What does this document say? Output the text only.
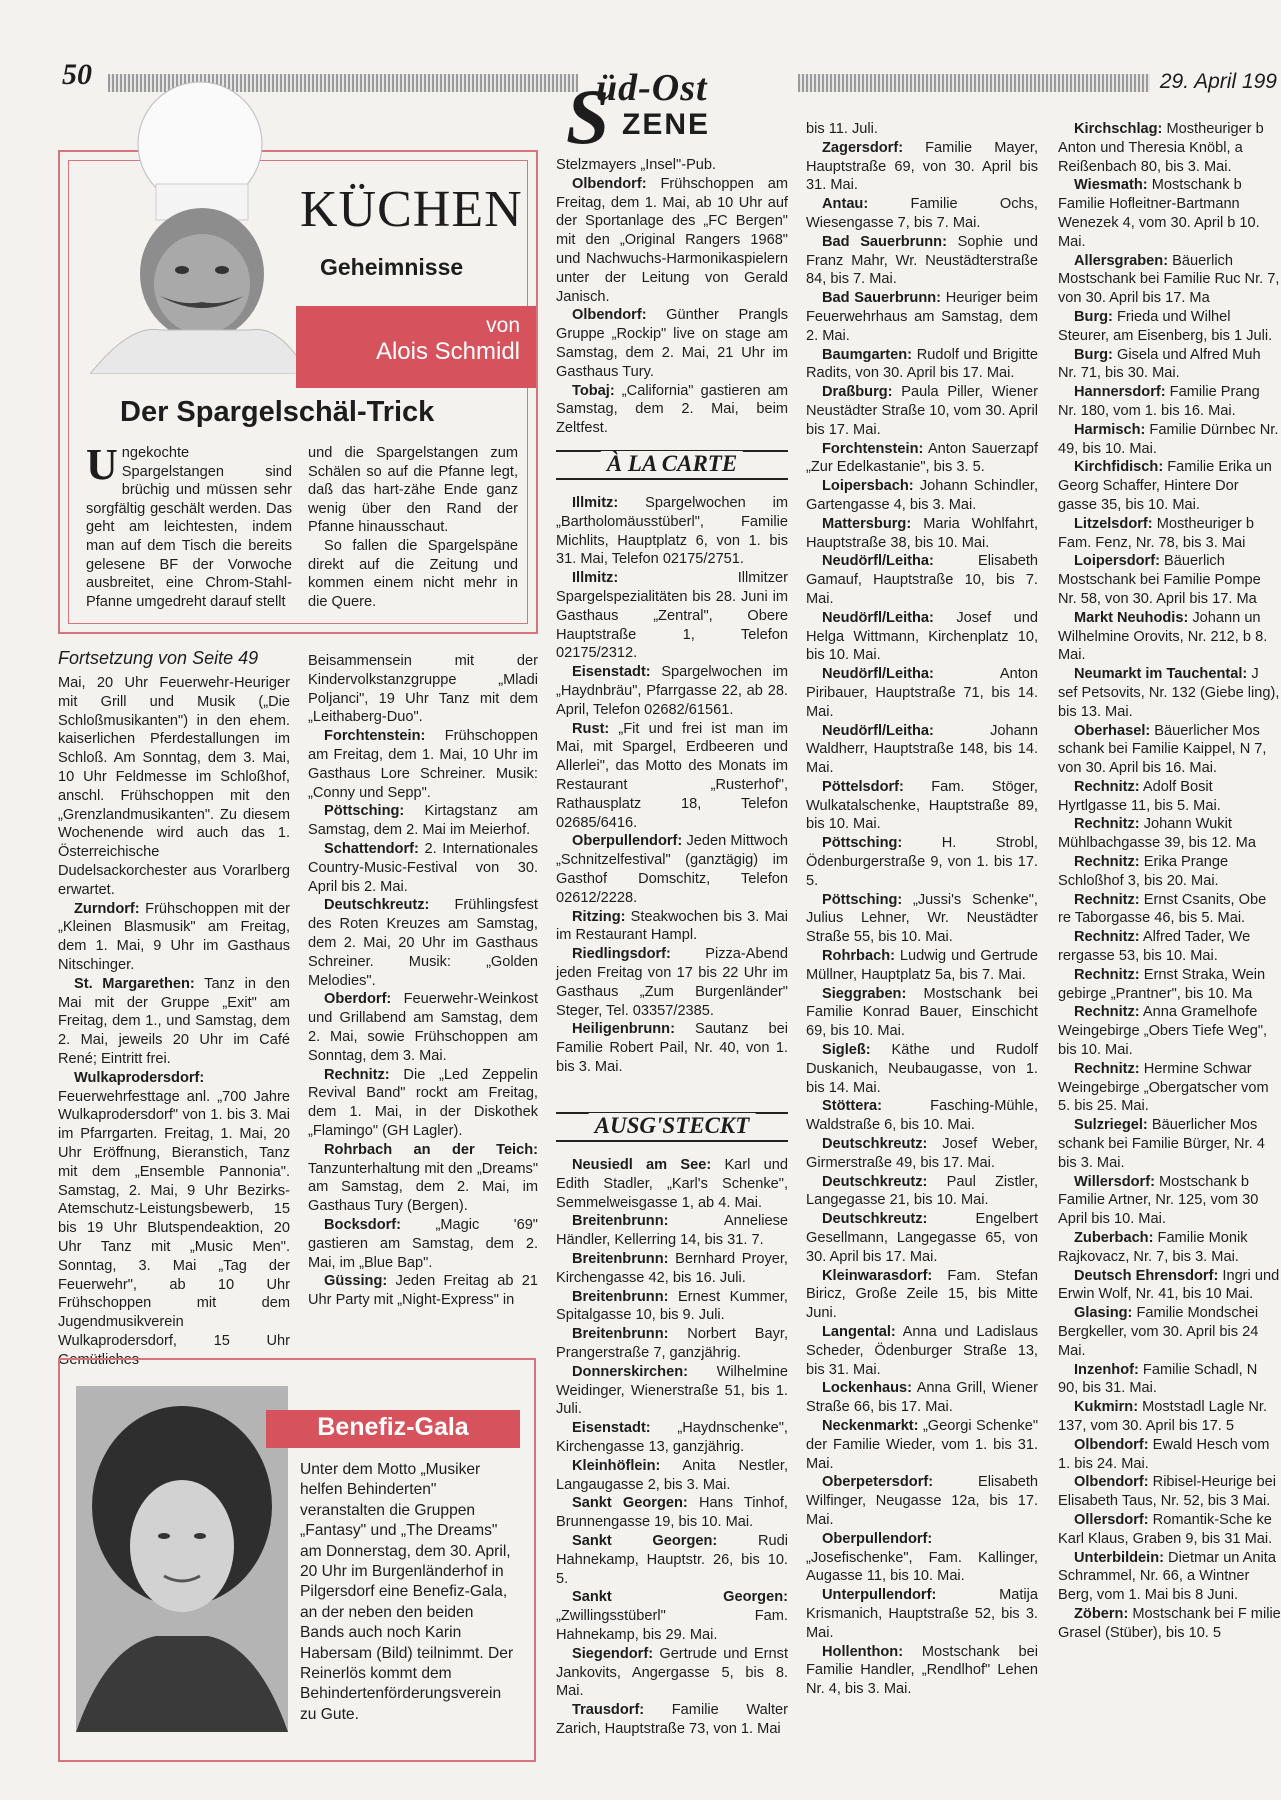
50	29. April 199
S
üd-Ost
ZENE
KÜCHEN
Geheimnisse
von
Alois Schmidl
Der Spargelschäl-Trick
Ungekochte Spargelstangen sind brüchig und müssen sehr sorgfältig geschält werden. Das geht am leichtesten, indem man auf dem Tisch die bereits gelesene BF der Vorwoche ausbreitet, eine Chrom-Stahl-Pfanne umgedreht darauf stellt

und die Spargelstangen zum Schälen so auf die Pfanne legt, daß das hart-zähe Ende ganz wenig über den Rand der Pfanne hinausschaut.

So fallen die Spargelspäne direkt auf die Zeitung und kommen einem nicht mehr in die Quere.

Fortsetzung von Seite 49

Mai, 20 Uhr Feuerwehr-Heuriger mit Grill und Musik („Die Schloßmusikanten") in den ehem. kaiserlichen Pferdestallungen im Schloß. Am Sonntag, dem 3. Mai, 10 Uhr Feldmesse im Schloßhof, anschl. Frühschoppen mit den „Grenzlandmusikanten". Zu diesem Wochenende wird auch das 1. Österreichische Dudelsackorchester aus Vorarlberg erwartet.

Zurndorf: Frühschoppen mit der „Kleinen Blasmusik" am Freitag, dem 1. Mai, 9 Uhr im Gasthaus Nitschinger.

St. Margarethen: Tanz in den Mai mit der Gruppe „Exit" am Freitag, dem 1., und Samstag, dem 2. Mai, jeweils 20 Uhr im Café René; Eintritt frei.

Wulkaprodersdorf: Feuerwehrfesttage anl. „700 Jahre Wulkaprodersdorf" von 1. bis 3. Mai im Pfarrgarten. Freitag, 1. Mai, 20 Uhr Eröffnung, Bieranstich, Tanz mit dem „Ensemble Pannonia". Samstag, 2. Mai, 9 Uhr Bezirks-Atemschutz-Leistungsbewerb, 15 bis 19 Uhr Blutspendeaktion, 20 Uhr Tanz mit „Music Men". Sonntag, 3. Mai „Tag der Feuerwehr", ab 10 Uhr Frühschoppen mit dem Jugendmusikverein Wulkaprodersdorf, 15 Uhr Gemütliches

Beisammensein mit der Kindervolkstanzgruppe „Mladi Poljanci", 19 Uhr Tanz mit dem „Leithaberg-Duo".

Forchtenstein: Frühschoppen am Freitag, dem 1. Mai, 10 Uhr im Gasthaus Lore Schreiner. Musik: „Conny und Sepp".

Pöttsching: Kirtagstanz am Samstag, dem 2. Mai im Meierhof.

Schattendorf: 2. Internationales Country-Music-Festival von 30. April bis 2. Mai.

Deutschkreutz: Frühlingsfest des Roten Kreuzes am Samstag, dem 2. Mai, 20 Uhr im Gasthaus Schreiner. Musik: „Golden Melodies".

Oberdorf: Feuerwehr-Weinkost und Grillabend am Samstag, dem 2. Mai, sowie Frühschoppen am Sonntag, dem 3. Mai.

Rechnitz: Die „Led Zeppelin Revival Band" rockt am Freitag, dem 1. Mai, in der Diskothek „Flamingo" (GH Lagler).

Rohrbach an der Teich: Tanzunterhaltung mit den „Dreams" am Samstag, dem 2. Mai, im Gasthaus Tury (Bergen).

Bocksdorf: „Magic '69" gastieren am Samstag, dem 2. Mai, im „Blue Bap".

Güssing: Jeden Freitag ab 21 Uhr Party mit „Night-Express" in

Stelzmayers „Insel"-Pub.

Olbendorf: Frühschoppen am Freitag, dem 1. Mai, ab 10 Uhr auf der Sportanlage des „FC Bergen" mit den „Original Rangers 1968" und Nachwuchs-Harmonikaspielern unter der Leitung von Gerald Janisch.

Olbendorf: Günther Prangls Gruppe „Rockip" live on stage am Samstag, dem 2. Mai, 21 Uhr im Gasthaus Tury.

Tobaj: „California" gastieren am Samstag, dem 2. Mai, beim Zeltfest.

À LA CARTE

Illmitz: Spargelwochen im „Bartholomäusstüberl", Familie Michlits, Hauptplatz 6, von 1. bis 31. Mai, Telefon 02175/2751.

Illmitz: Illmitzer Spargelspezialitäten bis 28. Juni im Gasthaus „Zentral", Obere Hauptstraße 1, Telefon 02175/2312.

Eisenstadt: Spargelwochen im „Haydnbräu", Pfarrgasse 22, ab 28. April, Telefon 02682/61561.

Rust: „Fit und frei ist man im Mai, mit Spargel, Erdbeeren und Allerlei", das Motto des Monats im Restaurant „Rusterhof", Rathausplatz 18, Telefon 02685/6416.

Oberpullendorf: Jeden Mittwoch „Schnitzelfestival" (ganztägig) im Gasthof Domschitz, Telefon 02612/2228.

Ritzing: Steakwochen bis 3. Mai im Restaurant Hampl.

Riedlingsdorf: Pizza-Abend jeden Freitag von 17 bis 22 Uhr im Gasthaus „Zum Burgenländer" Steger, Tel. 03357/2385.

Heiligenbrunn: Sautanz bei Familie Robert Pail, Nr. 40, von 1. bis 3. Mai.

AUSG'STECKT

Neusiedl am See: Karl und Edith Stadler, „Karl's Schenke", Semmelweisgasse 1, ab 4. Mai.

Breitenbrunn: Anneliese Händler, Kellerring 14, bis 31. 7.

Breitenbrunn: Bernhard Proyer, Kirchengasse 42, bis 16. Juli.

Breitenbrunn: Ernest Kummer, Spitalgasse 10, bis 9. Juli.

Breitenbrunn: Norbert Bayr, Prangerstraße 7, ganzjährig.

Donnerskirchen: Wilhelmine Weidinger, Wienerstraße 51, bis 1. Juli.

Eisenstadt: „Haydnschenke", Kirchengasse 13, ganzjährig.

Kleinhöflein: Anita Nestler, Langaugasse 2, bis 3. Mai.

Sankt Georgen: Hans Tinhof, Brunnengasse 19, bis 10. Mai.

Sankt Georgen: Rudi Hahnekamp, Hauptstr. 26, bis 10. 5.

Sankt Georgen: „Zwillingsstüberl" Fam. Hahnekamp, bis 29. Mai.

Siegendorf: Gertrude und Ernst Jankovits, Angergasse 5, bis 8. Mai.

Trausdorf: Familie Walter Zarich, Hauptstraße 73, von 1. Mai

bis 11. Juli.

Zagersdorf: Familie Mayer, Hauptstraße 69, von 30. April bis 31. Mai.

Antau: Familie Ochs, Wiesengasse 7, bis 7. Mai.

Bad Sauerbrunn: Sophie und Franz Mahr, Wr. Neustädterstraße 84, bis 7. Mai.

Bad Sauerbrunn: Heuriger beim Feuerwehrhaus am Samstag, dem 2. Mai.

Baumgarten: Rudolf und Brigitte Radits, von 30. April bis 17. Mai.

Draßburg: Paula Piller, Wiener Neustädter Straße 10, vom 30. April bis 17. Mai.

Forchtenstein: Anton Sauerzapf „Zur Edelkastanie", bis 3. 5.

Loipersbach: Johann Schindler, Gartengasse 4, bis 3. Mai.

Mattersburg: Maria Wohlfahrt, Hauptstraße 38, bis 10. Mai.

Neudörfl/Leitha: Elisabeth Gamauf, Hauptstraße 10, bis 7. Mai.

Neudörfl/Leitha: Josef und Helga Wittmann, Kirchenplatz 10, bis 10. Mai.

Neudörfl/Leitha: Anton Piribauer, Hauptstraße 71, bis 14. Mai.

Neudörfl/Leitha: Johann Waldherr, Hauptstraße 148, bis 14. Mai.

Pöttelsdorf: Fam. Stöger, Wulkatalschenke, Hauptstraße 89, bis 10. Mai.

Pöttsching: H. Strobl, Ödenburgerstraße 9, von 1. bis 17. 5.

Pöttsching: „Jussi's Schenke", Julius Lehner, Wr. Neustädter Straße 55, bis 10. Mai.

Rohrbach: Ludwig und Gertrude Müllner, Hauptplatz 5a, bis 7. Mai.

Sieggraben: Mostschank bei Familie Konrad Bauer, Einschicht 69, bis 10. Mai.

Sigleß: Käthe und Rudolf Duskanich, Neubaugasse, von 1. bis 14. Mai.

Stöttera: Fasching-Mühle, Waldstraße 6, bis 10. Mai.

Deutschkreutz: Josef Weber, Girmerstraße 49, bis 17. Mai.

Deutschkreutz: Paul Zistler, Langegasse 21, bis 10. Mai.

Deutschkreutz: Engelbert Gesellmann, Langegasse 65, von 30. April bis 17. Mai.

Kleinwarasdorf: Fam. Stefan Biricz, Große Zeile 15, bis Mitte Juni.

Langental: Anna und Ladislaus Scheder, Ödenburger Straße 13, bis 31. Mai.

Lockenhaus: Anna Grill, Wiener Straße 66, bis 17. Mai.

Neckenmarkt: „Georgi Schenke" der Familie Wieder, vom 1. bis 31. Mai.

Oberpetersdorf: Elisabeth Wilfinger, Neugasse 12a, bis 17. Mai.

Oberpullendorf: „Josefischenke", Fam. Kallinger, Augasse 11, bis 10. Mai.

Unterpullendorf: Matija Krismanich, Hauptstraße 52, bis 3. Mai.

Hollenthon: Mostschank bei Familie Handler, „Rendlhof" Lehen Nr. 4, bis 3. Mai.

Kirchschlag: Mostheuriger b Anton und Theresia Knöbl, a Reißenbach 80, bis 3. Mai.

Wiesmath: Mostschank b Familie Hofleitner-Bartmann Wenezek 4, vom 30. April b 10. Mai.

Allersgraben: Bäuerlich Mostschank bei Familie Ruc Nr. 7, von 30. April bis 17. Ma

Burg: Frieda und Wilhel Steurer, am Eisenberg, bis 1 Juli.

Burg: Gisela und Alfred Muh Nr. 71, bis 30. Mai.

Hannersdorf: Familie Prang Nr. 180, vom 1. bis 16. Mai.

Harmisch: Familie Dürnbec Nr. 49, bis 10. Mai.

Kirchfidisch: Familie Erika un Georg Schaffer, Hintere Dor gasse 35, bis 10. Mai.

Litzelsdorf: Mostheuriger b Fam. Fenz, Nr. 78, bis 3. Mai

Loipersdorf: Bäuerlich Mostschank bei Familie Pompe Nr. 58, von 30. April bis 17. Ma

Markt Neuhodis: Johann un Wilhelmine Orovits, Nr. 212, b 8. Mai.

Neumarkt im Tauchental: J sef Petsovits, Nr. 132 (Giebe ling), bis 13. Mai.

Oberhasel: Bäuerlicher Mos schank bei Familie Kaippel, N 7, von 30. April bis 16. Mai.

Rechnitz: Adolf Bosit Hyrtlgasse 11, bis 5. Mai.

Rechnitz: Johann Wukit Mühlbachgasse 39, bis 12. Ma

Rechnitz: Erika Prange Schloßhof 3, bis 20. Mai.

Rechnitz: Ernst Csanits, Obe re Taborgasse 46, bis 5. Mai.

Rechnitz: Alfred Tader, We rergasse 53, bis 10. Mai.

Rechnitz: Ernst Straka, Wein gebirge „Prantner", bis 10. Ma

Rechnitz: Anna Gramelhofe Weingebirge „Obers Tiefe Weg", bis 10. Mai.

Rechnitz: Hermine Schwar Weingebirge „Obergatscher vom 5. bis 25. Mai.

Sulzriegel: Bäuerlicher Mos schank bei Familie Bürger, Nr. 4 bis 3. Mai.

Willersdorf: Mostschank b Familie Artner, Nr. 125, vom 30 April bis 10. Mai.

Zuberbach: Familie Monik Rajkovacz, Nr. 7, bis 3. Mai.

Deutsch Ehrensdorf: Ingri und Erwin Wolf, Nr. 41, bis 10 Mai.

Glasing: Familie Mondschei Bergkeller, vom 30. April bis 24 Mai.

Inzenhof: Familie Schadl, N 90, bis 31. Mai.

Kukmirn: Moststadl Lagle Nr. 137, vom 30. April bis 17. 5

Olbendorf: Ewald Hesch vom 1. bis 24. Mai.

Olbendorf: Ribisel-Heurige bei Elisabeth Taus, Nr. 52, bis 3 Mai.

Ollersdorf: Romantik-Sche ke Karl Klaus, Graben 9, bis 31 Mai.

Unterbildein: Dietmar un Anita Schrammel, Nr. 66, a Wintner Berg, vom 1. Mai bis 8 Juni.

Zöbern: Mostschank bei F milie Grasel (Stüber), bis 10. 5

Benefiz-Gala
Unter dem Motto „Musiker helfen Behinderten" veranstalten die Gruppen „Fantasy" und „The Dreams" am Donnerstag, dem 30. April, 20 Uhr im Burgenländerhof in Pilgersdorf eine Benefiz-Gala, an der neben den beiden Bands auch noch Karin Habersam (Bild) teilnimmt. Der Reinerlös kommt dem Behindertenförderungsverein zu Gute.
